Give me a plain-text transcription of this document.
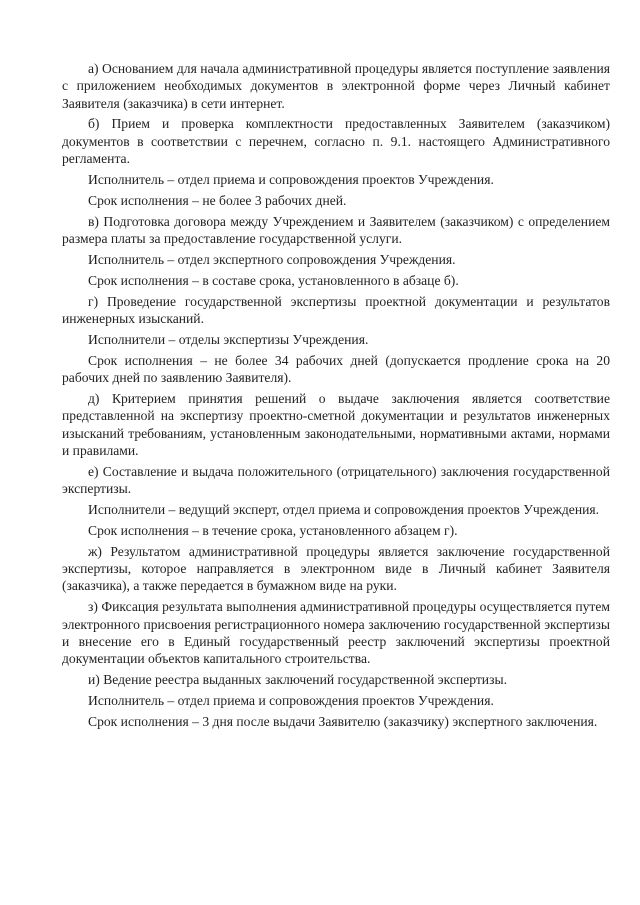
а) Основанием для начала административной процедуры является поступление заявления с приложением необходимых документов в электронной форме через Личный кабинет Заявителя (заказчика) в сети интернет.

б) Прием и проверка комплектности предоставленных Заявителем (заказчиком) документов в соответствии с перечнем, согласно п. 9.1. настоящего Административного регламента.

Исполнитель – отдел приема и сопровождения проектов Учреждения.

Срок исполнения – не более 3 рабочих дней.

в) Подготовка договора между Учреждением и Заявителем (заказчиком) с определением размера платы за предоставление государственной услуги.

Исполнитель – отдел экспертного сопровождения Учреждения.

Срок исполнения – в составе срока, установленного в абзаце б).

г) Проведение государственной экспертизы проектной документации и результатов инженерных изысканий.

Исполнители – отделы экспертизы Учреждения.

Срок исполнения – не более 34 рабочих дней (допускается продление срока на 20 рабочих дней по заявлению Заявителя).

д) Критерием принятия решений о выдаче заключения является соответствие представленной на экспертизу проектно-сметной документации и результатов инженерных изысканий требованиям, установленным законодательными, нормативными актами, нормами и правилами.

е) Составление и выдача положительного (отрицательного) заключения государственной экспертизы.

Исполнители – ведущий эксперт, отдел приема и сопровождения проектов Учреждения.

Срок исполнения – в течение срока, установленного абзацем г).

ж) Результатом административной процедуры является заключение государственной экспертизы, которое направляется в электронном виде в Личный кабинет Заявителя (заказчика), а также передается в бумажном виде на руки.

з) Фиксация результата выполнения административной процедуры осуществляется путем электронного присвоения регистрационного номера заключению государственной экспертизы и внесение его в Единый государственный реестр заключений экспертизы проектной документации объектов капитального строительства.

и) Ведение реестра выданных заключений государственной экспертизы.

Исполнитель – отдел приема и сопровождения проектов Учреждения.

Срок исполнения – 3 дня после выдачи Заявителю (заказчику) экспертного заключения.
